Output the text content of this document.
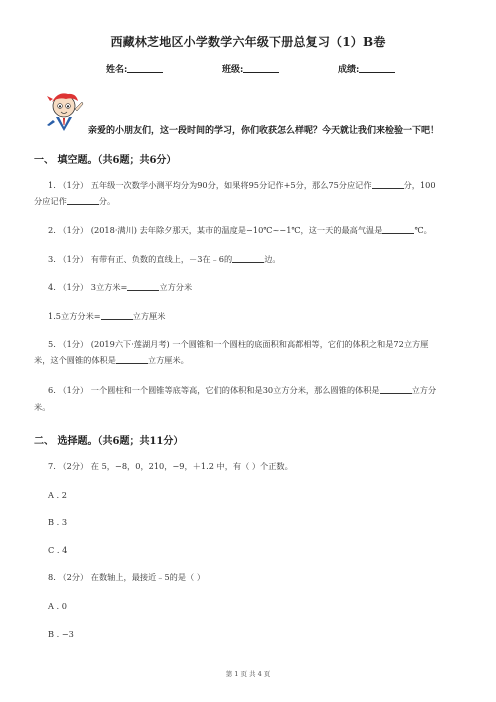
西藏林芝地区小学数学六年级下册总复习（1）B卷
姓名:	班级:	成绩:
亲爱的小朋友们，这一段时间的学习，你们收获怎么样呢？今天就让我们来检验一下吧！
一、 填空题。（共6题；共6分）
1. （1分） 五年级一次数学小测平均分为90分，如果将95分记作+5分，那么75分应记作	分，100
分应记作	分。
2. （1分） (2018·满川) 去年除夕那天，某市的温度是−10℃~−1℃，这一天的最高气温是	℃。
3. （1分） 有带有正、负数的直线上，－3在﹣6的	边。
4. （1分） 3立方米=	立方分米
1.5立方分米=	立方厘米
5. （1分） (2019六下·莲湖月考) 一个圆锥和一个圆柱的底面积和高都相等，它们的体积之和是72立方厘
米，这个圆锥的体积是	立方厘米。
6. （1分） 一个圆柱和一个圆锥等底等高，它们的体积和是30立方分米，那么圆锥的体积是	立方分
米。
二、 选择题。（共6题；共11分）
7. （2分） 在 5，−8，0，210，−9，＋1.2 中，有（ ）个正数。
A . 2
B . 3
C . 4
8. （2分） 在数轴上，最接近﹣5的是（ ）
A . 0
B . −3
第 1 页 共 4 页
